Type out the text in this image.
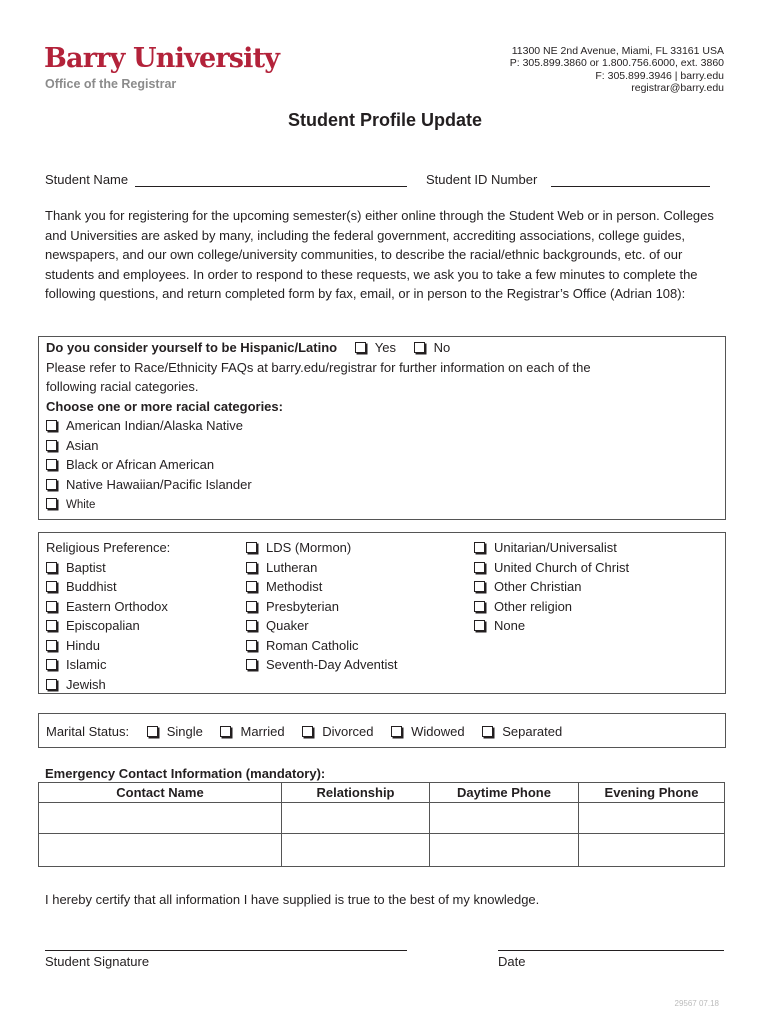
Barry University
Office of the Registrar
11300 NE 2nd Avenue, Miami, FL 33161 USA
P: 305.899.3860 or 1.800.756.6000, ext. 3860
F: 305.899.3946 | barry.edu
registrar@barry.edu
Student Profile Update
Student Name	Student ID Number
Thank you for registering for the upcoming semester(s) either online through the Student Web or in person. Colleges and Universities are asked by many, including the federal government, accrediting associations, college guides, newspapers, and our own college/university communities, to describe the racial/ethnic backgrounds, etc. of our students and employees. In order to respond to these requests, we ask you to take a few minutes to complete the following questions, and return completed form by fax, email, or in person to the Registrar’s Office (Adrian 108):
Do you consider yourself to be Hispanic/Latino	Yes	No
Please refer to Race/Ethnicity FAQs at barry.edu/registrar for further information on each of the
following racial categories.
Choose one or more racial categories:
American Indian/Alaska Native
Asian
Black or African American
Native Hawaiian/Pacific Islander
White
Religious Preference:
Baptist
Buddhist
Eastern Orthodox
Episcopalian
Hindu
Islamic
Jewish
LDS (Mormon)
Lutheran
Methodist
Presbyterian
Quaker
Roman Catholic
Seventh-Day Adventist
Unitarian/Universalist
United Church of Christ
Other Christian
Other religion
None
Marital Status:	Single	Married	Divorced	Widowed	Separated
Emergency Contact Information (mandatory):
Contact Name	Relationship	Daytime Phone	Evening Phone

I hereby certify that all information I have supplied is true to the best of my knowledge.
Student Signature	Date
29567 07.18
